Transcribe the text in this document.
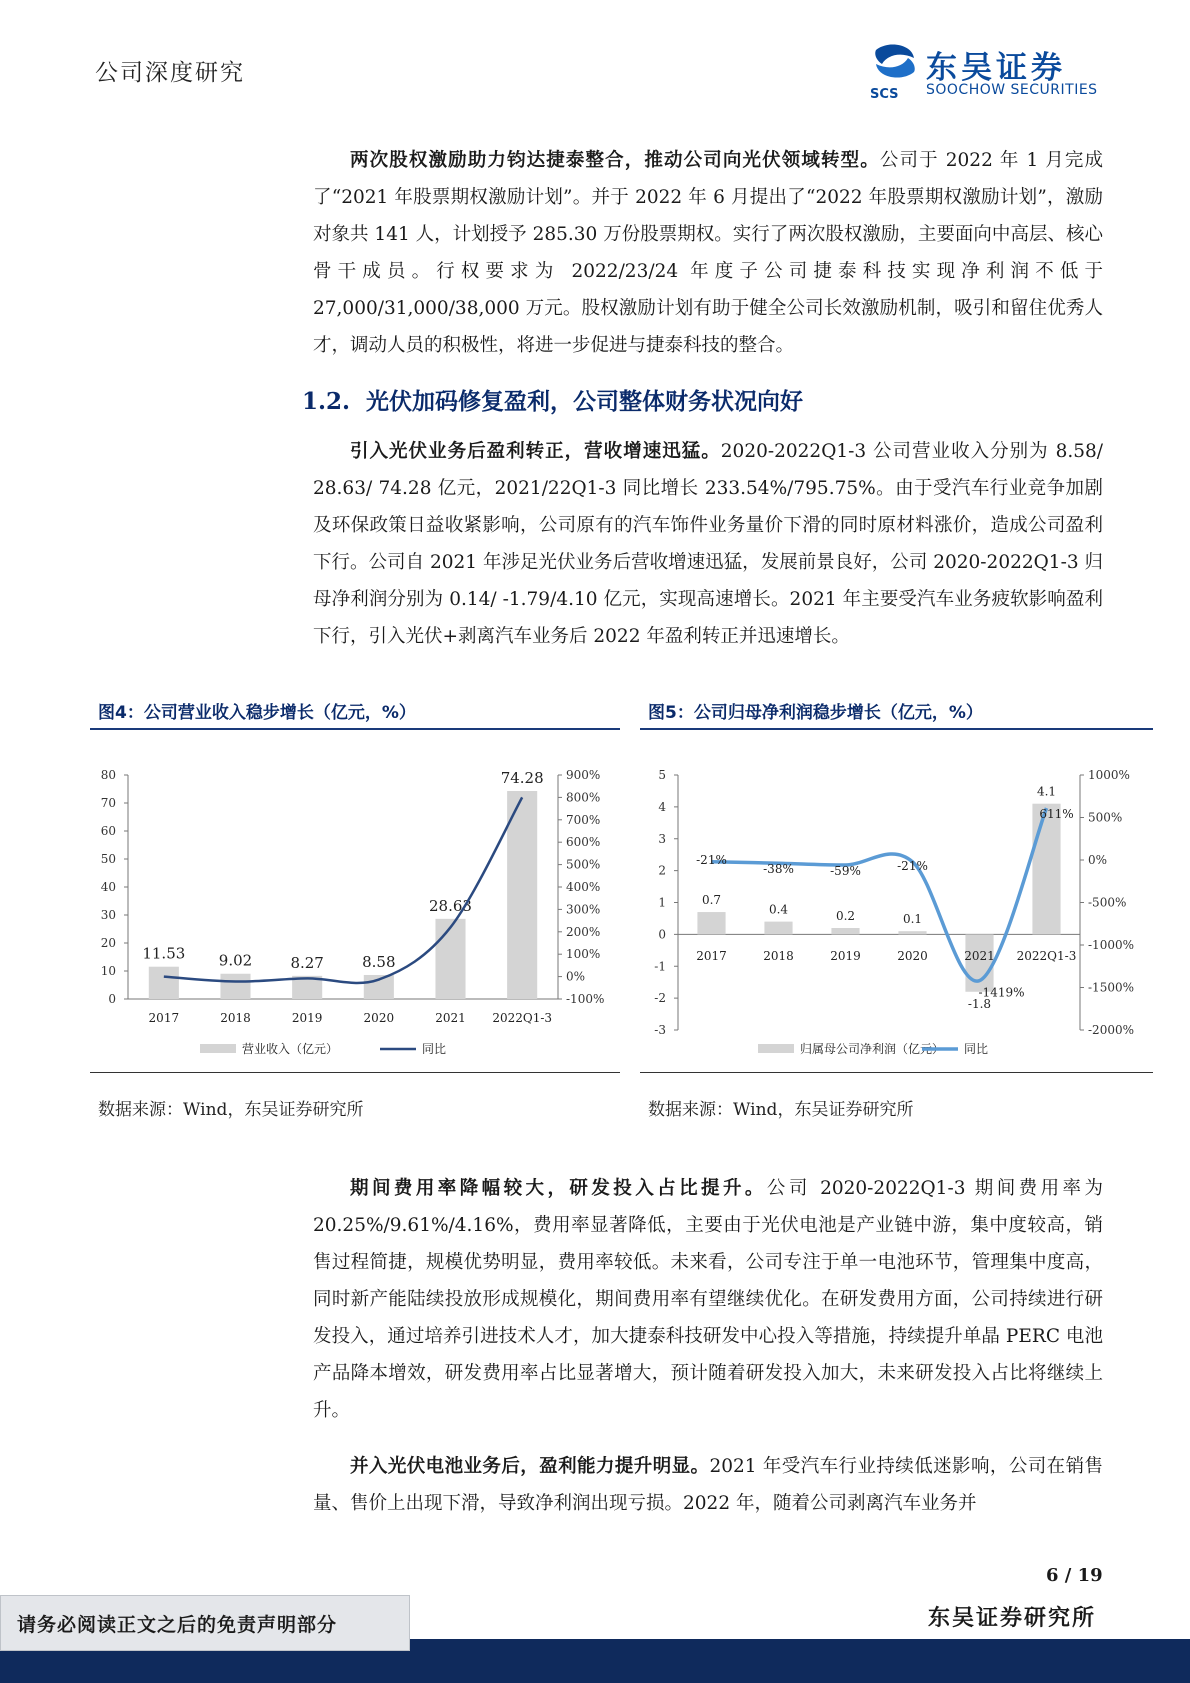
公司深度研究
SCS
东吴证券
SOOCHOW SECURITIES

两次股权激励助力钧达捷泰整合，推动公司向光伏领域转型。公司于 2022 年 1 月完成了“2021 年股票期权激励计划”。并于 2022 年 6 月提出了“2022 年股票期权激励计划”，激励对象共 141 人，计划授予 285.30 万份股票期权。实行了两次股权激励，主要面向中高层、核心骨干成员。行权要求为 2022/23/24 年度子公司捷泰科技实现净利润不低于 27,000/31,000/38,000 万元。股权激励计划有助于健全公司长效激励机制，吸引和留住优秀人才，调动人员的积极性，将进一步促进与捷泰科技的整合。

1.2. 光伏加码修复盈利，公司整体财务状况向好

引入光伏业务后盈利转正，营收增速迅猛。2020-2022Q1-3 公司营业收入分别为 8.58/ 28.63/ 74.28 亿元，2021/22Q1-3 同比增长 233.54%/795.75%。由于受汽车行业竞争加剧及环保政策日益收紧影响，公司原有的汽车饰件业务量价下滑的同时原材料涨价，造成公司盈利下行。公司自 2021 年涉足光伏业务后营收增速迅猛，发展前景良好，公司 2020-2022Q1-3 归母净利润分别为 0.14/ -1.79/4.10 亿元，实现高速增长。2021 年主要受汽车业务疲软影响盈利下行，引入光伏+剥离汽车业务后 2022 年盈利转正并迅速增长。

图4：公司营业收入稳步增长（亿元，%）
0
10
20
30
40
50
60
70
80
-100%
0%
100%
200%
300%
400%
500%
600%
700%
800%
900%
11.53
2017
9.02
2018
8.27
2019
8.58
2020
28.63
2021
74.28
2022Q1-3
营业收入（亿元）	同比
数据来源：Wind，东吴证券研究所
图5：公司归母净利润稳步增长（亿元，%）
-3
-2
-1
0
1
2
3
4
5
-2000%
-1500%
-1000%
-500%
0%
500%
1000%
0.7
2017
0.4
2018
0.2
2019
0.1
2020
-1.8
2021
4.1
2022Q1-3
-21%
-38%	-59%	-21%
-1419%
611%
归属母公司净利润（亿元） 同比
数据来源：Wind，东吴证券研究所

期间费用率降幅较大，研发投入占比提升。公司 2020-2022Q1-3 期间费用率为 20.25%/9.61%/4.16%，费用率显著降低，主要由于光伏电池是产业链中游，集中度较高，销售过程简捷，规模优势明显，费用率较低。未来看，公司专注于单一电池环节，管理集中度高，同时新产能陆续投放形成规模化，期间费用率有望继续优化。在研发费用方面，公司持续进行研发投入，通过培养引进技术人才，加大捷泰科技研发中心投入等措施，持续提升单晶 PERC 电池产品降本增效，研发费用率占比显著增大，预计随着研发投入加大，未来研发投入占比将继续上升。

并入光伏电池业务后，盈利能力提升明显。2021 年受汽车行业持续低迷影响，公司在销售量、售价上出现下滑，导致净利润出现亏损。2022 年，随着公司剥离汽车业务并

6 / 19
东吴证券研究所
请务必阅读正文之后的免责声明部分
